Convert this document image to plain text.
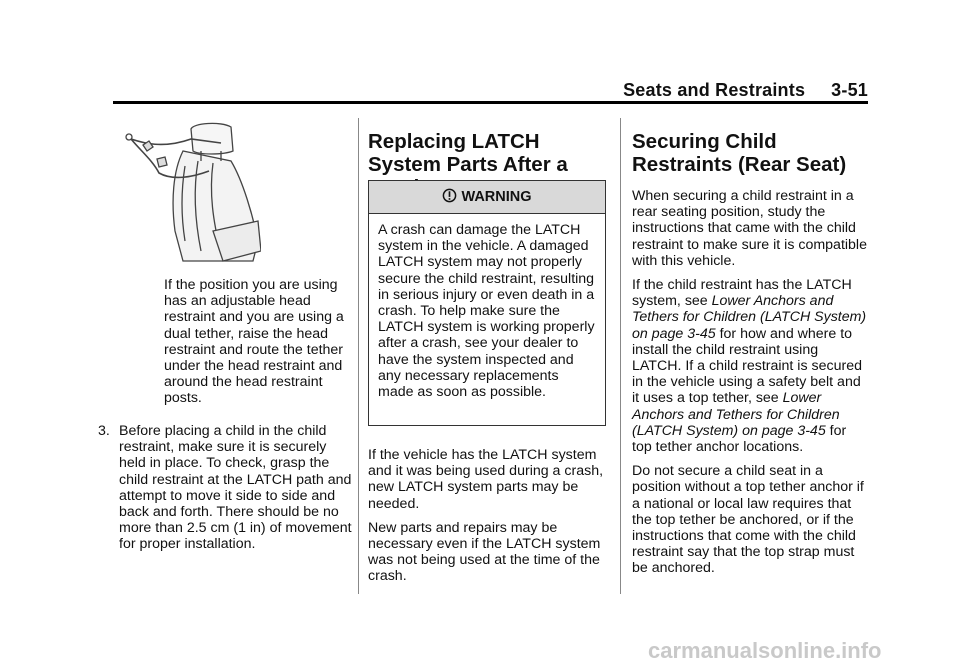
Seats and Restraints     3-51

If the position you are using has an adjustable head restraint and you are using a dual tether, raise the head restraint and route the tether under the head restraint and around the head restraint posts.

3. Before placing a child in the child restraint, make sure it is securely held in place. To check, grasp the child restraint at the LATCH path and attempt to move it side to side and back and forth. There should be no more than 2.5 cm (1 in) of movement for proper installation.
Replacing LATCH System Parts After a
WARNING
A crash can damage the LATCH system in the vehicle. A damaged LATCH system may not properly secure the child restraint, resulting in serious injury or even death in a crash. To help make sure the LATCH system is working properly after a crash, see your dealer to have the system inspected and any necessary replacements made as soon as possible.

If the vehicle has the LATCH system and it was being used during a crash, new LATCH system parts may be needed.

New parts and repairs may be necessary even if the LATCH system was not being used at the time of the crash.

Securing Child Restraints (Rear Seat)

When securing a child restraint in a rear seating position, study the instructions that came with the child restraint to make sure it is compatible with this vehicle.

If the child restraint has the LATCH system, see Lower Anchors and Tethers for Children (LATCH System) on page 3-45 for how and where to install the child restraint using LATCH. If a child restraint is secured in the vehicle using a safety belt and it uses a top tether, see Lower Anchors and Tethers for Children (LATCH System) on page 3-45 for top tether anchor locations.

Do not secure a child seat in a position without a top tether anchor if a national or local law requires that the top tether be anchored, or if the instructions that come with the child restraint say that the top strap must be anchored.

carmanualsonline.info
